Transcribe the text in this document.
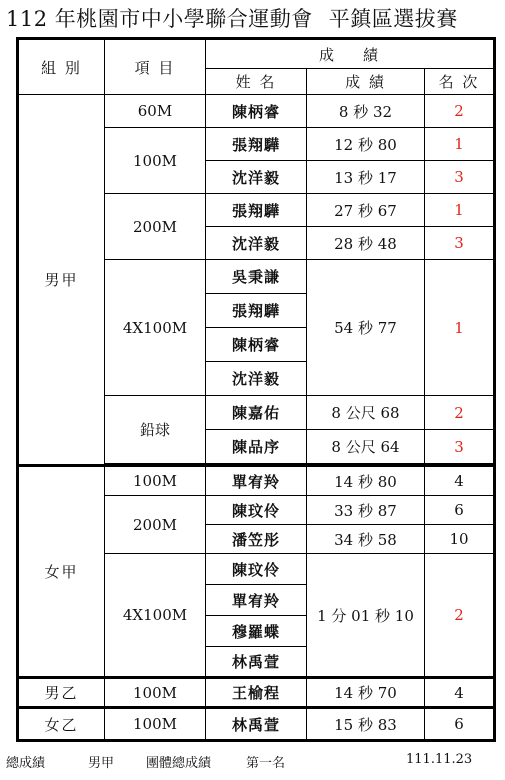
112 年桃園市中小學聯合運動會 平鎮區選拔賽
組 別	項 目	成    績		
		姓 名	成 績	名 次
男甲	60M	陳柄睿	8 秒 32	2
	100M	張翔驊	12 秒 80	1
		沈洋毅	13 秒 17	3
	200M	張翔驊	27 秒 67	1
		沈洋毅	28 秒 48	3
	4X100M	吳秉謙	54 秒 77	1
		張翔驊		
		陳柄睿		
		沈洋毅		
	鉛球	陳嘉佑	8 公尺 68	2
		陳品序	8 公尺 64	3

女甲	100M	單宥羚	14 秒 80	4
	200M	陳玟伶	33 秒 87	6
		潘笠彤	34 秒 58	10
	4X100M	陳玟伶	1 分 01 秒 10	2
		單宥羚		
		穆羅蝶		
		林禹萱		
男乙	100M	王榆程	14 秒 70	4
女乙	100M	林禹萱	15 秒 83	6
總成績	男甲 團體總成績	第一名	111.11.23
